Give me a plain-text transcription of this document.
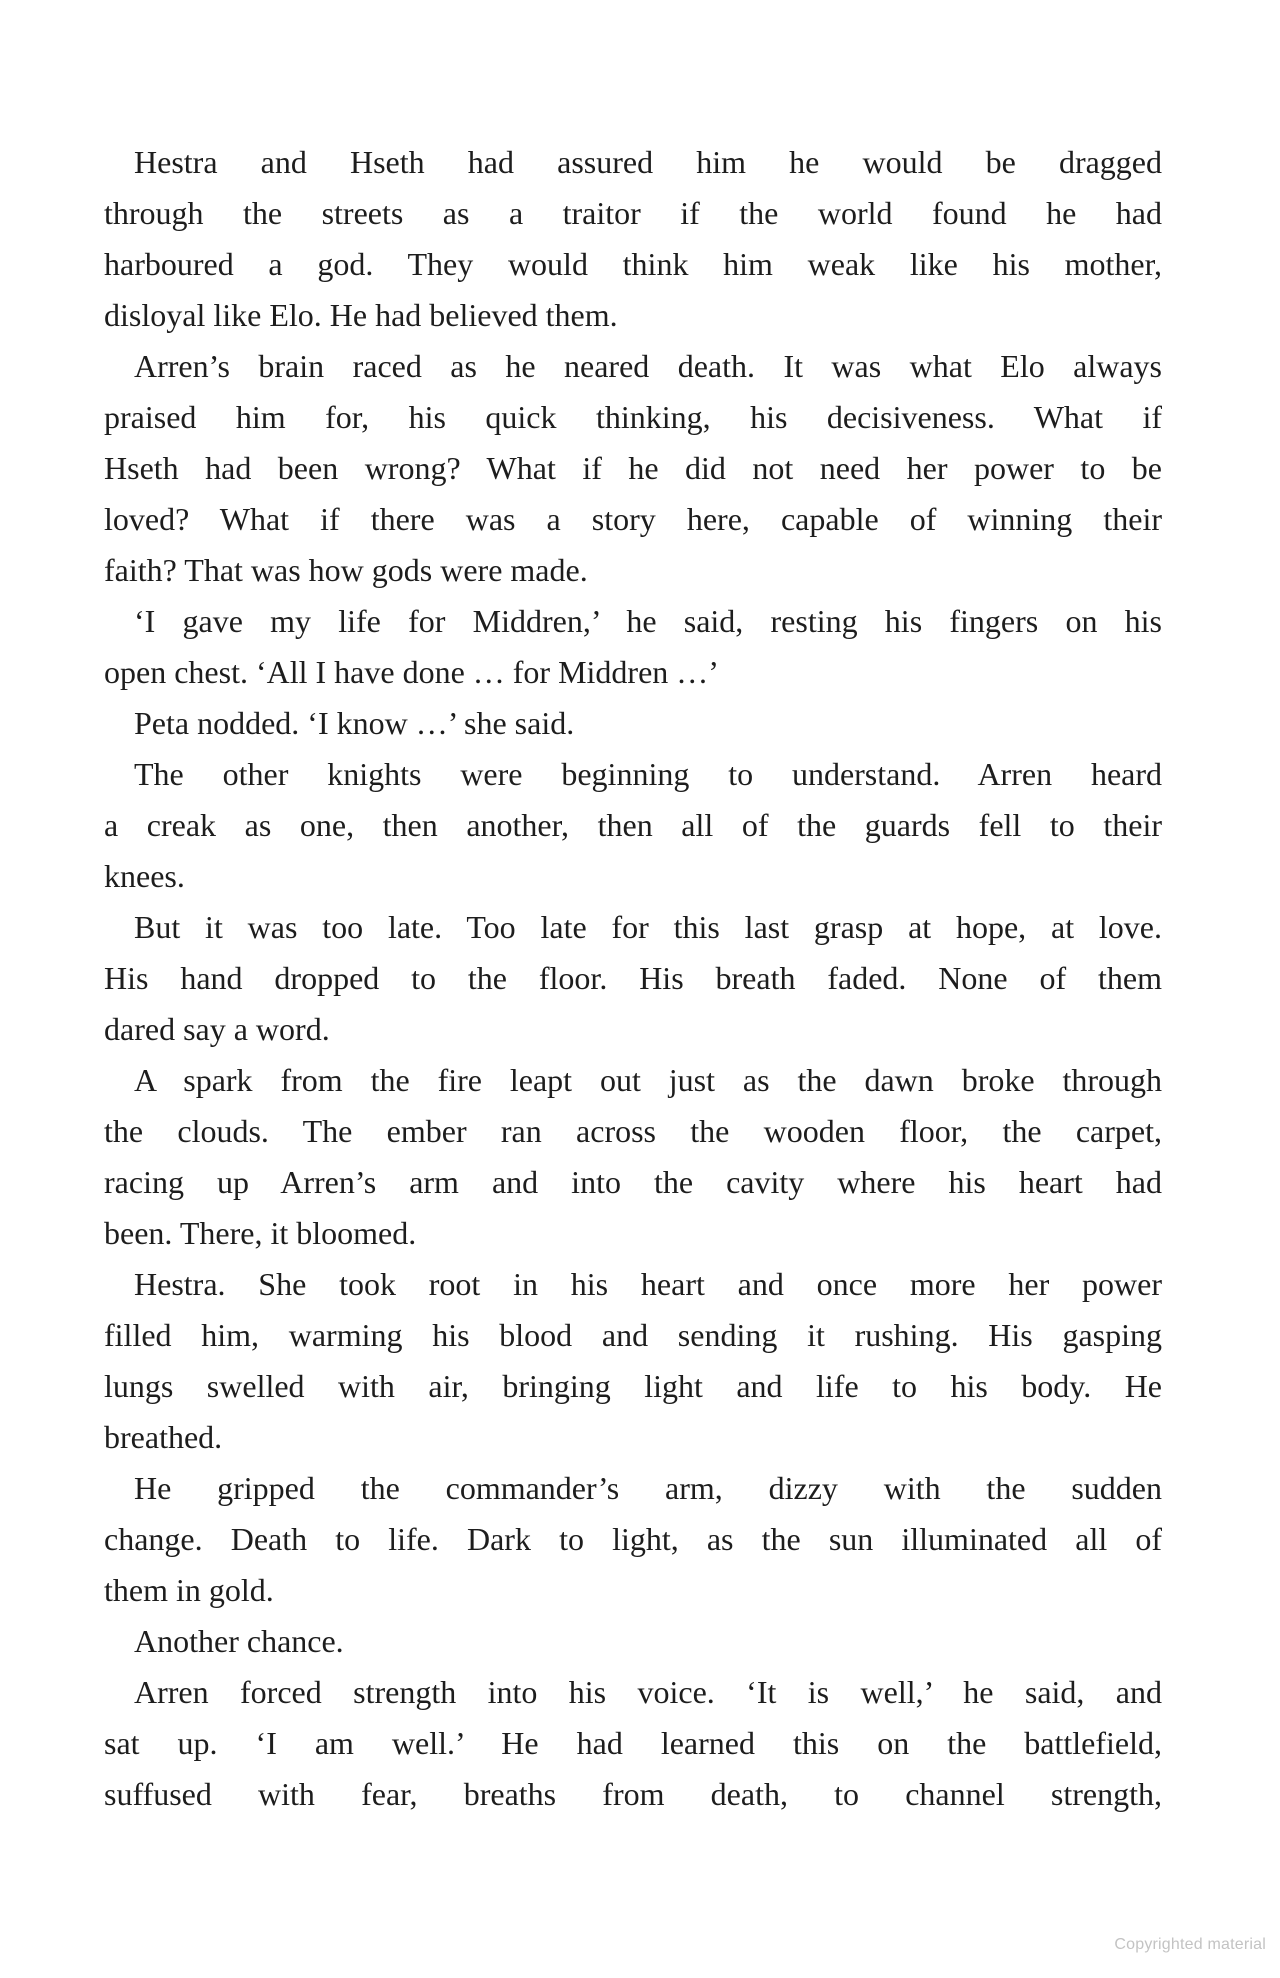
Hestra and Hseth had assured him he would be dragged
through the streets as a traitor if the world found he had
harboured a god. They would think him weak like his mother,
disloyal like Elo. He had believed them.
Arren’s brain raced as he neared death. It was what Elo always
praised him for, his quick thinking, his decisiveness. What if
Hseth had been wrong? What if he did not need her power to be
loved? What if there was a story here, capable of winning their
faith? That was how gods were made.
‘I gave my life for Middren,’ he said, resting his fingers on his
open chest. ‘All I have done … for Middren …’
Peta nodded. ‘I know …’ she said.
The other knights were beginning to understand. Arren heard
a creak as one, then another, then all of the guards fell to their
knees.
But it was too late. Too late for this last grasp at hope, at love.
His hand dropped to the floor. His breath faded. None of them
dared say a word.
A spark from the fire leapt out just as the dawn broke through
the clouds. The ember ran across the wooden floor, the carpet,
racing up Arren’s arm and into the cavity where his heart had
been. There, it bloomed.
Hestra. She took root in his heart and once more her power
filled him, warming his blood and sending it rushing. His gasping
lungs swelled with air, bringing light and life to his body. He
breathed.
He gripped the commander’s arm, dizzy with the sudden
change. Death to life. Dark to light, as the sun illuminated all of
them in gold.
Another chance.
Arren forced strength into his voice. ‘It is well,’ he said, and
sat up. ‘I am well.’ He had learned this on the battlefield,
suffused with fear, breaths from death, to channel strength,
Copyrighted material
